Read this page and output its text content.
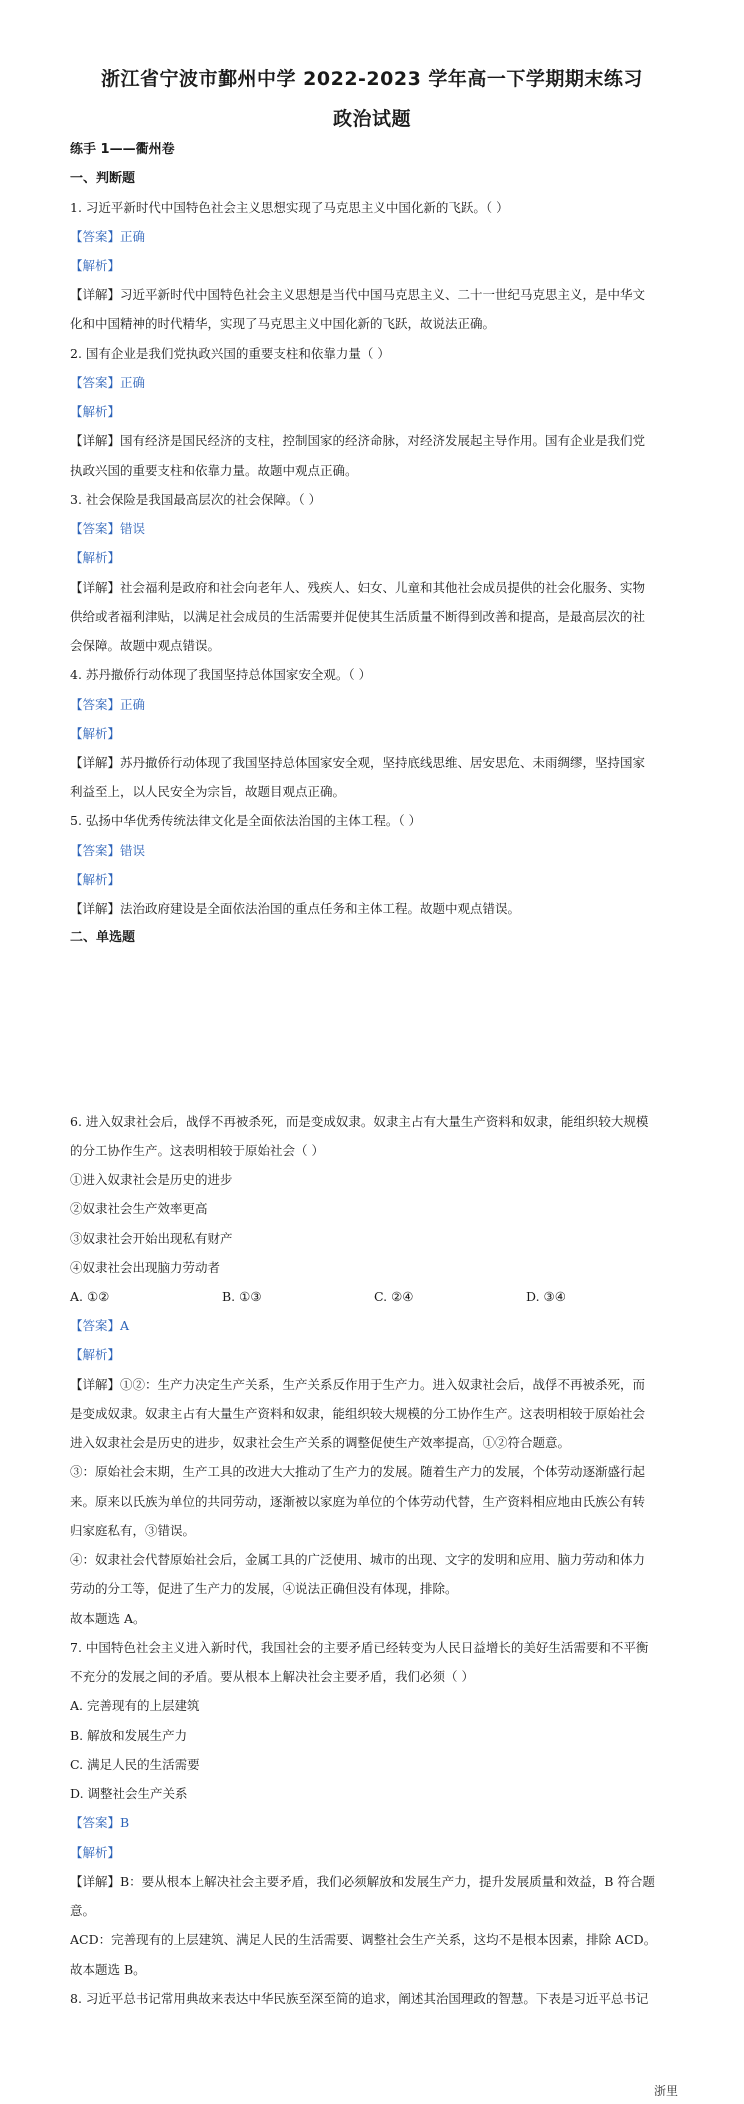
浙江省宁波市鄞州中学 2022-2023 学年高一下学期期末练习
政治试题
练手 1——衢州卷
一、判断题
1. 习近平新时代中国特色社会主义思想实现了马克思主义中国化新的飞跃。（ ）
【答案】正确
【解析】
【详解】习近平新时代中国特色社会主义思想是当代中国马克思主义、二十一世纪马克思主义，是中华文
化和中国精神的时代精华，实现了马克思主义中国化新的飞跃，故说法正确。
2. 国有企业是我们党执政兴国的重要支柱和依靠力量（ ）
【答案】正确
【解析】
【详解】国有经济是国民经济的支柱，控制国家的经济命脉，对经济发展起主导作用。国有企业是我们党
执政兴国的重要支柱和依靠力量。故题中观点正确。
3. 社会保险是我国最高层次的社会保障。（ ）
【答案】错误
【解析】
【详解】社会福利是政府和社会向老年人、残疾人、妇女、儿童和其他社会成员提供的社会化服务、实物
供给或者福利津贴，以满足社会成员的生活需要并促使其生活质量不断得到改善和提高，是最高层次的社
会保障。故题中观点错误。
4. 苏丹撤侨行动体现了我国坚持总体国家安全观。（ ）
【答案】正确
【解析】
【详解】苏丹撤侨行动体现了我国坚持总体国家安全观，坚持底线思维、居安思危、未雨绸缪，坚持国家
利益至上，以人民安全为宗旨，故题目观点正确。
5. 弘扬中华优秀传统法律文化是全面依法治国的主体工程。（ ）
【答案】错误
【解析】
【详解】法治政府建设是全面依法治国的重点任务和主体工程。故题中观点错误。
二、单选题
6. 进入奴隶社会后，战俘不再被杀死，而是变成奴隶。奴隶主占有大量生产资料和奴隶，能组织较大规模
的分工协作生产。这表明相较于原始社会（ ）
①进入奴隶社会是历史的进步
②奴隶社会生产效率更高
③奴隶社会开始出现私有财产
④奴隶社会出现脑力劳动者
A. ①②	B. ①③	C. ②④	D. ③④
【答案】A
【解析】
【详解】①②：生产力决定生产关系，生产关系反作用于生产力。进入奴隶社会后，战俘不再被杀死，而
是变成奴隶。奴隶主占有大量生产资料和奴隶，能组织较大规模的分工协作生产。这表明相较于原始社会
进入奴隶社会是历史的进步，奴隶社会生产关系的调整促使生产效率提高，①②符合题意。
③：原始社会末期，生产工具的改进大大推动了生产力的发展。随着生产力的发展，个体劳动逐渐盛行起
来。原来以氏族为单位的共同劳动，逐渐被以家庭为单位的个体劳动代替，生产资料相应地由氏族公有转
归家庭私有，③错误。
④：奴隶社会代替原始社会后，金属工具的广泛使用、城市的出现、文字的发明和应用、脑力劳动和体力
劳动的分工等，促进了生产力的发展，④说法正确但没有体现，排除。
故本题选 A。
7. 中国特色社会主义进入新时代，我国社会的主要矛盾已经转变为人民日益增长的美好生活需要和不平衡
不充分的发展之间的矛盾。要从根本上解决社会主要矛盾，我们必须（ ）
A. 完善现有的上层建筑
B. 解放和发展生产力
C. 满足人民的生活需要
D. 调整社会生产关系
【答案】B
【解析】
【详解】B：要从根本上解决社会主要矛盾，我们必须解放和发展生产力，提升发展质量和效益，B 符合题
意。
ACD：完善现有的上层建筑、满足人民的生活需要、调整社会生产关系，这均不是根本因素，排除 ACD。
故本题选 B。
8. 习近平总书记常用典故来表达中华民族至深至简的追求，阐述其治国理政的智慧。下表是习近平总书记
浙里
